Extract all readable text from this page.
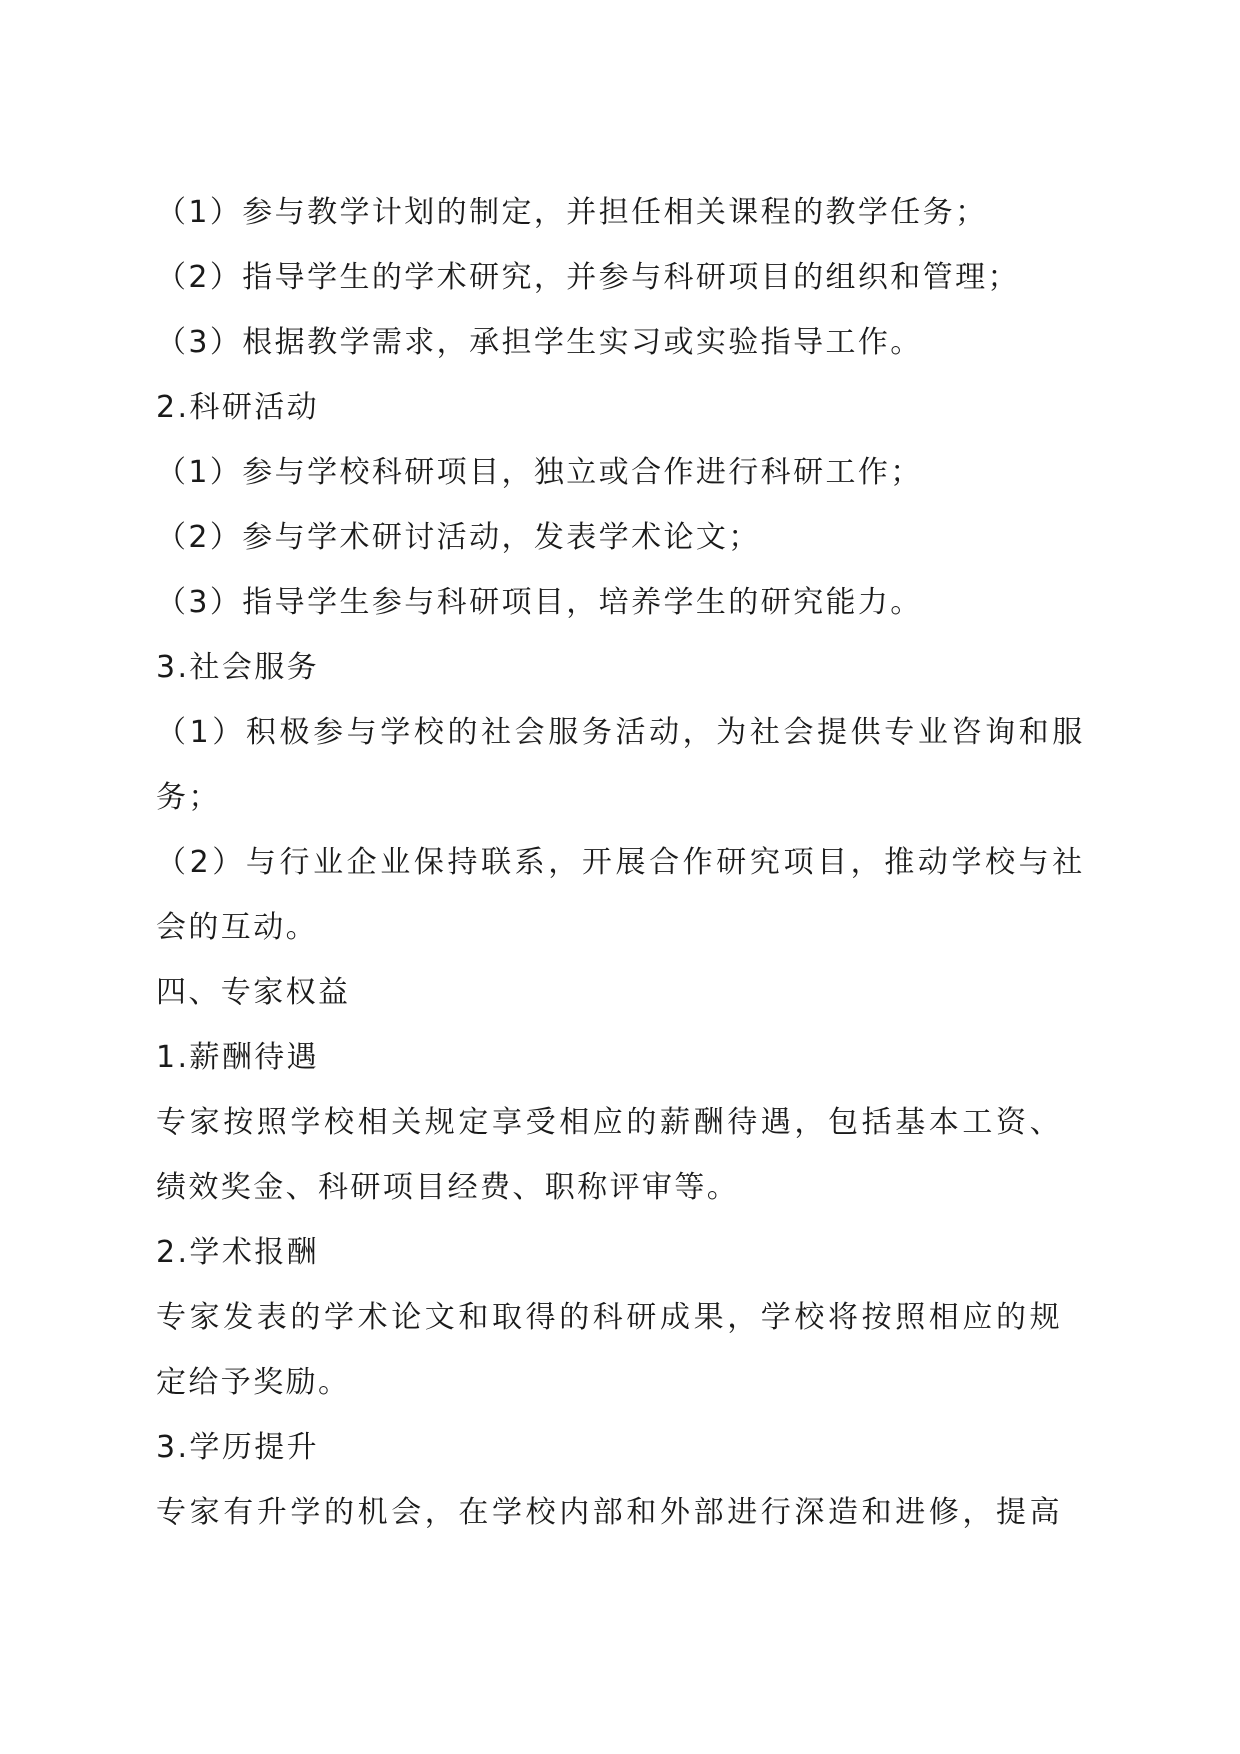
（1）参与教学计划的制定，并担任相关课程的教学任务；
（2）指导学生的学术研究，并参与科研项目的组织和管理；
（3）根据教学需求，承担学生实习或实验指导工作。
2.科研活动
（1）参与学校科研项目，独立或合作进行科研工作；
（2）参与学术研讨活动，发表学术论文；
（3）指导学生参与科研项目，培养学生的研究能力。
3.社会服务
（1）积极参与学校的社会服务活动，为社会提供专业咨询和服
务；
（2）与行业企业保持联系，开展合作研究项目，推动学校与社
会的互动。
四、专家权益
1.薪酬待遇
专家按照学校相关规定享受相应的薪酬待遇，包括基本工资、
绩效奖金、科研项目经费、职称评审等。
2.学术报酬
专家发表的学术论文和取得的科研成果，学校将按照相应的规
定给予奖励。
3.学历提升
专家有升学的机会，在学校内部和外部进行深造和进修，提高
